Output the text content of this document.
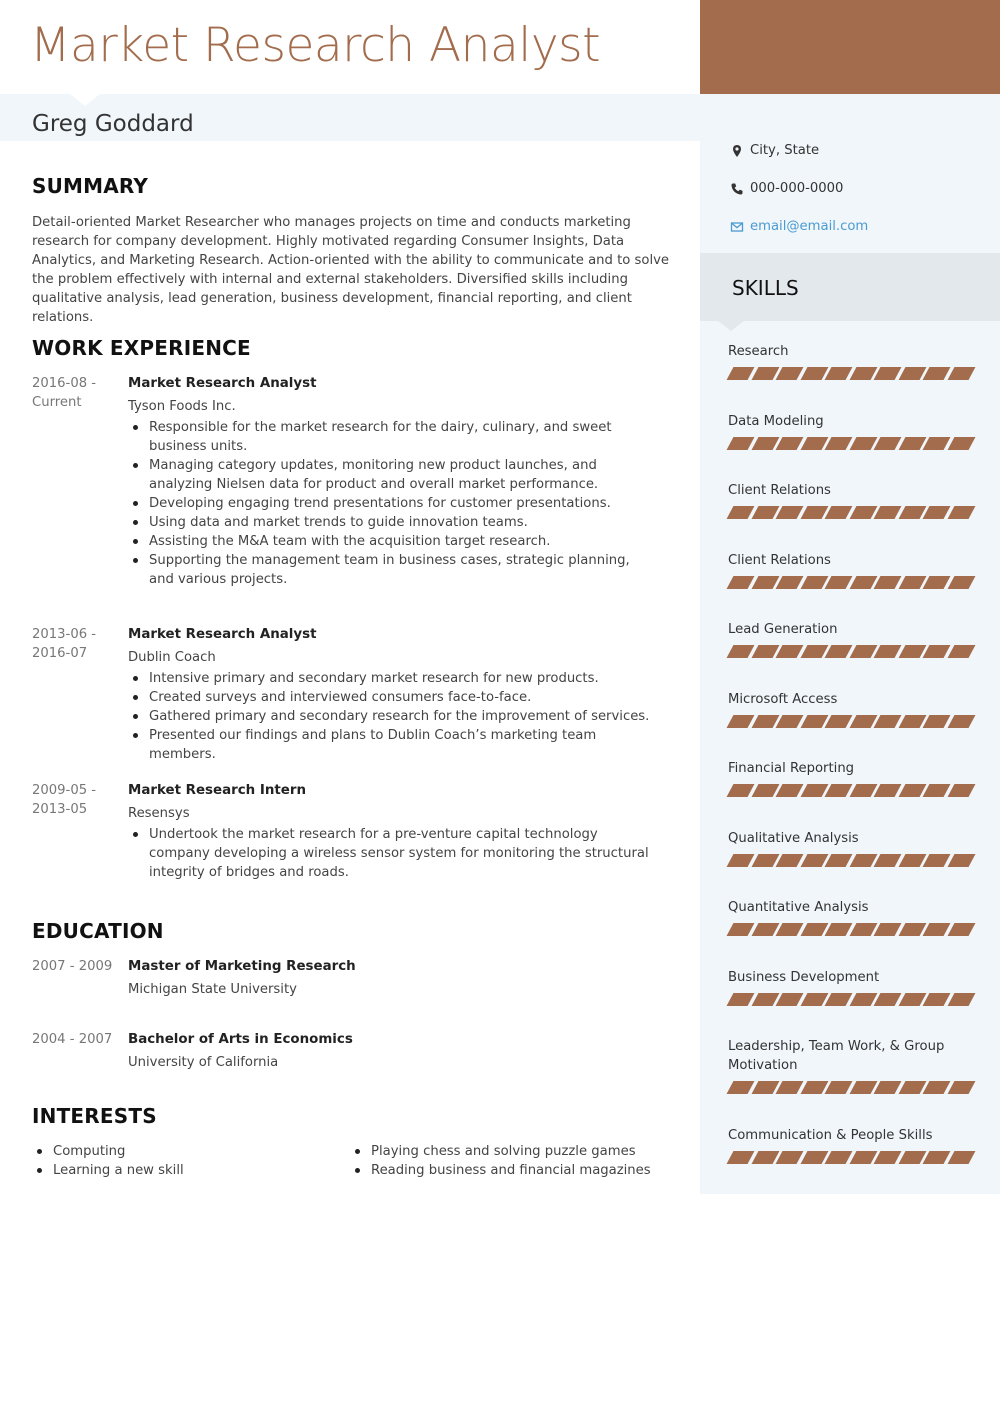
Market Research Analyst
Greg Goddard
SUMMARY

Detail-oriented Market Researcher who manages projects on time and conducts marketing research for company development. Highly motivated regarding Consumer Insights, Data Analytics, and Marketing Research. Action-oriented with the ability to communicate and to solve the problem effectively with internal and external stakeholders. Diversified skills including qualitative analysis, lead generation, business development, financial reporting, and client relations.

WORK EXPERIENCE
2016-08 - Current
Market Research Analyst
Tyson Foods Inc.
Responsible for the market research for the dairy, culinary, and sweet business units.
Managing category updates, monitoring new product launches, and analyzing Nielsen data for product and overall market performance.
Developing engaging trend presentations for customer presentations.
Using data and market trends to guide innovation teams.
Assisting the M&A team with the acquisition target research.
Supporting the management team in business cases, strategic planning, and various projects.
2013-06 - 2016-07
Market Research Analyst
Dublin Coach
Intensive primary and secondary market research for new products.
Created surveys and interviewed consumers face-to-face.
Gathered primary and secondary research for the improvement of services.
Presented our findings and plans to Dublin Coach’s marketing team members.
2009-05 - 2013-05
Market Research Intern
Resensys
Undertook the market research for a pre-venture capital technology company developing a wireless sensor system for monitoring the structural integrity of bridges and roads.
EDUCATION
2007 - 2009	Master of Marketing Research
Michigan State University
2004 - 2007	Bachelor of Arts in Economics
University of California
INTERESTS
Computing
Learning a new skill
Playing chess and solving puzzle games
Reading business and financial magazines
City, State
000-000-0000
email@email.com
SKILLS
Research
Data Modeling
Client Relations
Client Relations
Lead Generation
Microsoft Access
Financial Reporting
Qualitative Analysis
Quantitative Analysis
Business Development
Leadership, Team Work, & Group Motivation
Communication & People Skills
